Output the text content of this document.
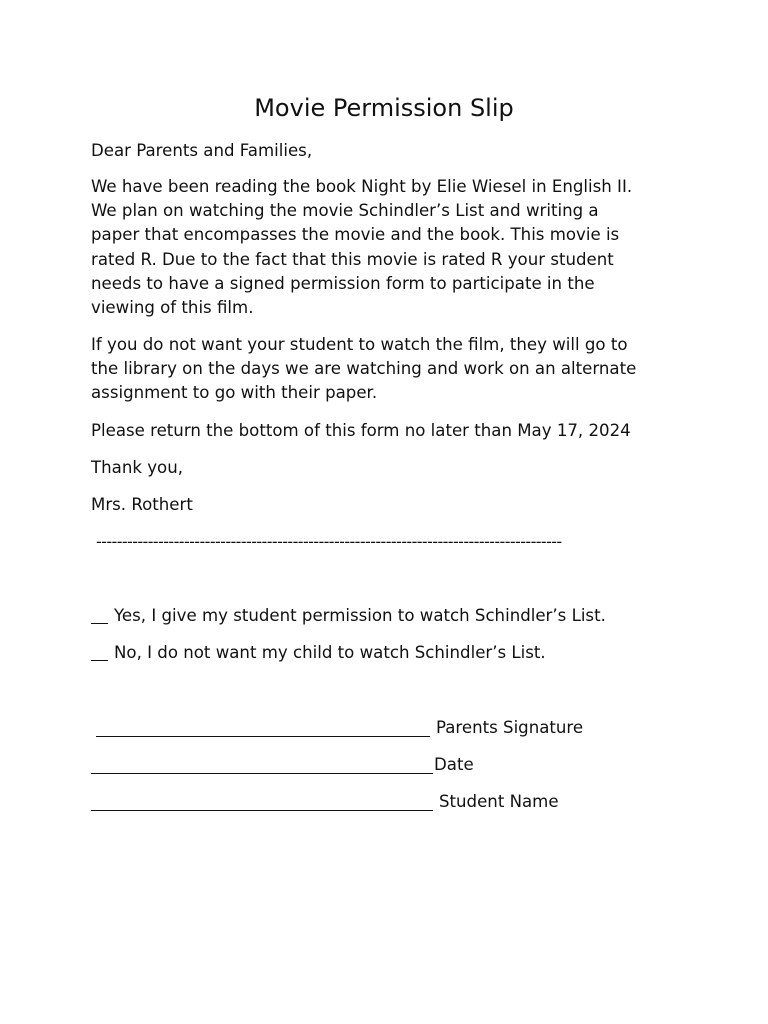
Movie Permission Slip

Dear Parents and Families,

We have been reading the book Night by Elie Wiesel in English II.
We plan on watching the movie Schindler’s List and writing a
paper that encompasses the movie and the book. This movie is
rated R. Due to the fact that this movie is rated R your student
needs to have a signed permission form to participate in the
viewing of this film.

If you do not want your student to watch the film, they will go to
the library on the days we are watching and work on an alternate
assignment to go with their paper.

Please return the bottom of this form no later than May 17, 2024

Thank you,

Mrs. Rothert

------------------------------------------------------------------------------------------
Yes, I give my student permission to watch Schindler’s List.
No, I do not want my child to watch Schindler’s List.
Parents Signature
Date
Student Name
